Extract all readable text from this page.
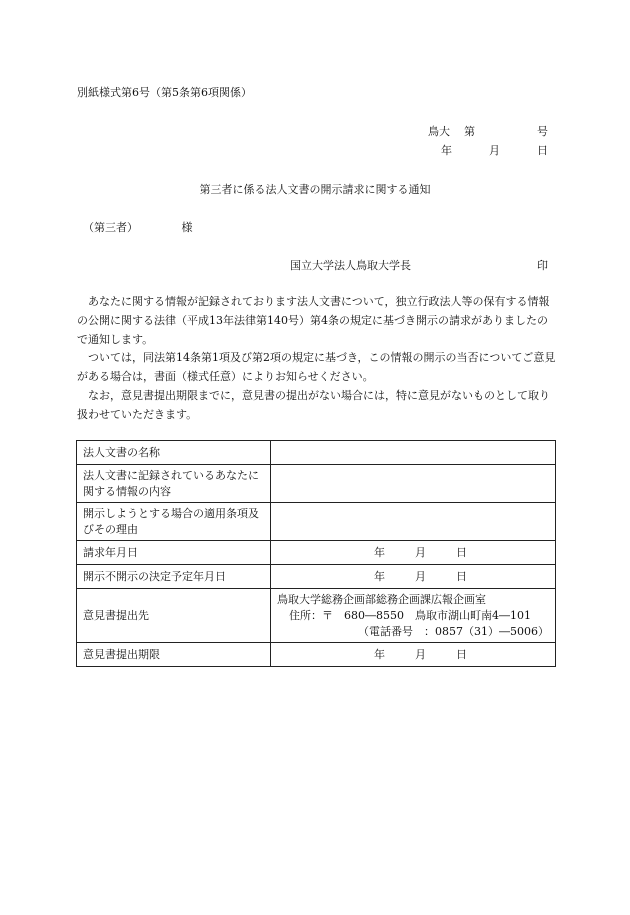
別紙様式第6号（第5条第6項関係）
鳥大 第	号
年	月	日
第三者に係る法人文書の開示請求に関する通知
（第三者）	様
国立大学法人鳥取大学長	印
あなたに関する情報が記録されております法人文書について，独立行政法人等の保有する情報の公開に関する法律（平成13年法律第140号）第4条の規定に基づき開示の請求がありましたので通知します。
ついては，同法第14条第1項及び第2項の規定に基づき，この情報の開示の当否についてご意見がある場合は，書面（様式任意）によりお知らせください。
なお，意見書提出期限までに，意見書の提出がない場合には，特に意見がないものとして取り扱わせていただきます。
法人文書の名称	
法人文書に記録されているあなたに関する情報の内容	
開示しようとする場合の適用条項及びその理由	
請求年月日	年 月 日
開示不開示の決定予定年月日	年 月 日
意見書提出先	鳥取大学総務企画部総務企画課広報企画室
住所：〒　680―8550　鳥取市湖山町南4―101
（電話番号　：0857（31）―5006）

意見書提出期限	年 月 日
